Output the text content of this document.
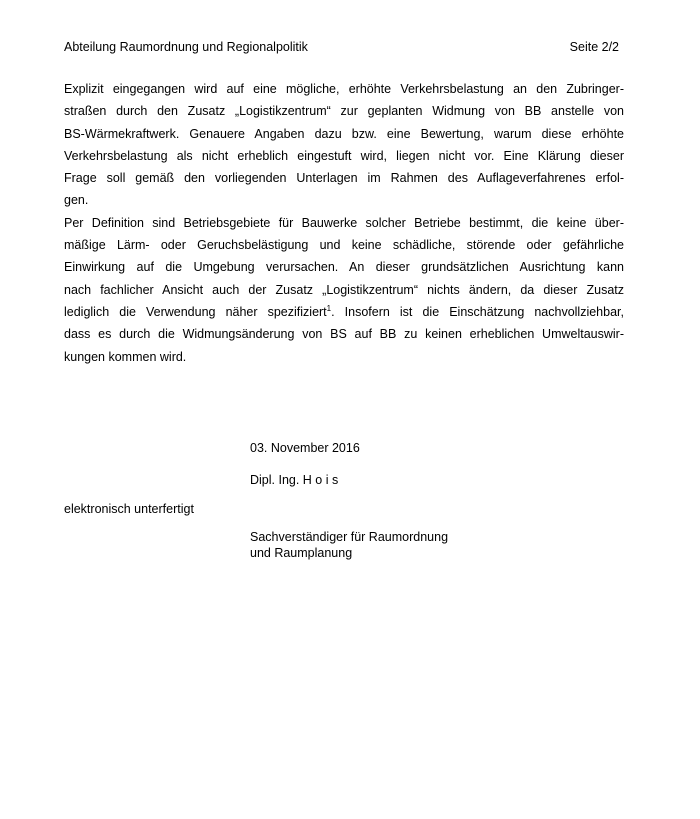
Abteilung Raumordnung und Regionalpolitik	Seite 2/2
Explizit eingegangen wird auf eine mögliche, erhöhte Verkehrsbelastung an den Zubringer-
straßen durch den Zusatz „Logistikzentrum“ zur geplanten Widmung von BB anstelle von
BS-Wärmekraftwerk. Genauere Angaben dazu bzw. eine Bewertung, warum diese erhöhte
Verkehrsbelastung als nicht erheblich eingestuft wird, liegen nicht vor. Eine Klärung dieser
Frage soll gemäß den vorliegenden Unterlagen im Rahmen des Auflageverfahrenes erfol-
gen.
Per Definition sind Betriebsgebiete für Bauwerke solcher Betriebe bestimmt, die keine über-
mäßige Lärm- oder Geruchsbelästigung und keine schädliche, störende oder gefährliche
Einwirkung auf die Umgebung verursachen. An dieser grundsätzlichen Ausrichtung kann
nach fachlicher Ansicht auch der Zusatz „Logistikzentrum“ nichts ändern, da dieser Zusatz
lediglich die Verwendung näher spezifiziert$^1$. Insofern ist die Einschätzung nachvollziehbar,
dass es durch die Widmungsänderung von BS auf BB zu keinen erheblichen Umweltauswir-
kungen kommen wird.
03. November 2016
Dipl. Ing. H o i s
elektronisch unterfertigt
Sachverständiger für Raumordnung
und Raumplanung
